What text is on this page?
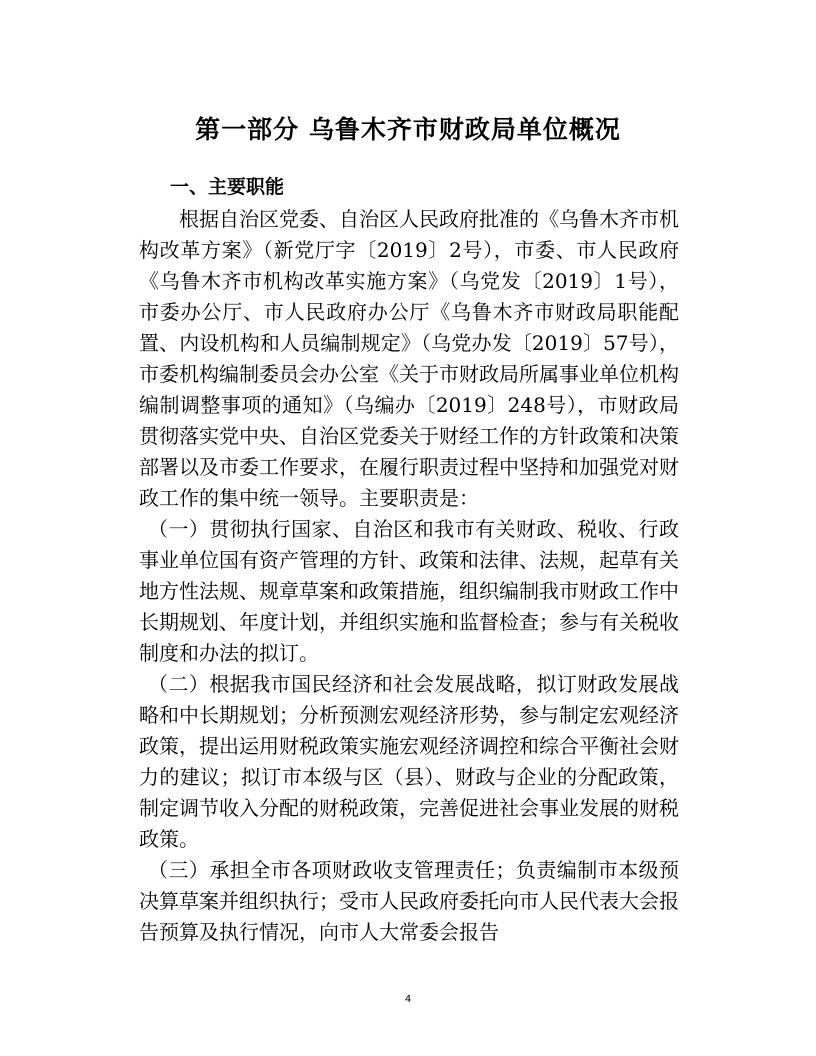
第一部分 乌鲁木齐市财政局单位概况
一、主要职能

根据自治区党委、自治区人民政府批准的《乌鲁木齐市机构改革方案》（新党厅字〔2019〕2号），市委、市人民政府《乌鲁木齐市机构改革实施方案》（乌党发〔2019〕1号），市委办公厅、市人民政府办公厅《乌鲁木齐市财政局职能配置、内设机构和人员编制规定》（乌党办发〔2019〕57号），市委机构编制委员会办公室《关于市财政局所属事业单位机构编制调整事项的通知》（乌编办〔2019〕248号），市财政局贯彻落实党中央、自治区党委关于财经工作的方针政策和决策部署以及市委工作要求，在履行职责过程中坚持和加强党对财政工作的集中统一领导。主要职责是：

（一）贯彻执行国家、自治区和我市有关财政、税收、行政事业单位国有资产管理的方针、政策和法律、法规，起草有关地方性法规、规章草案和政策措施，组织编制我市财政工作中长期规划、年度计划，并组织实施和监督检查；参与有关税收制度和办法的拟订。

（二）根据我市国民经济和社会发展战略，拟订财政发展战略和中长期规划；分析预测宏观经济形势，参与制定宏观经济政策，提出运用财税政策实施宏观经济调控和综合平衡社会财力的建议；拟订市本级与区（县）、财政与企业的分配政策，制定调节收入分配的财税政策，完善促进社会事业发展的财税政策。

（三）承担全市各项财政收支管理责任；负责编制市本级预决算草案并组织执行；受市人民政府委托向市人民代表大会报告预算及执行情况，向市人大常委会报告

4
